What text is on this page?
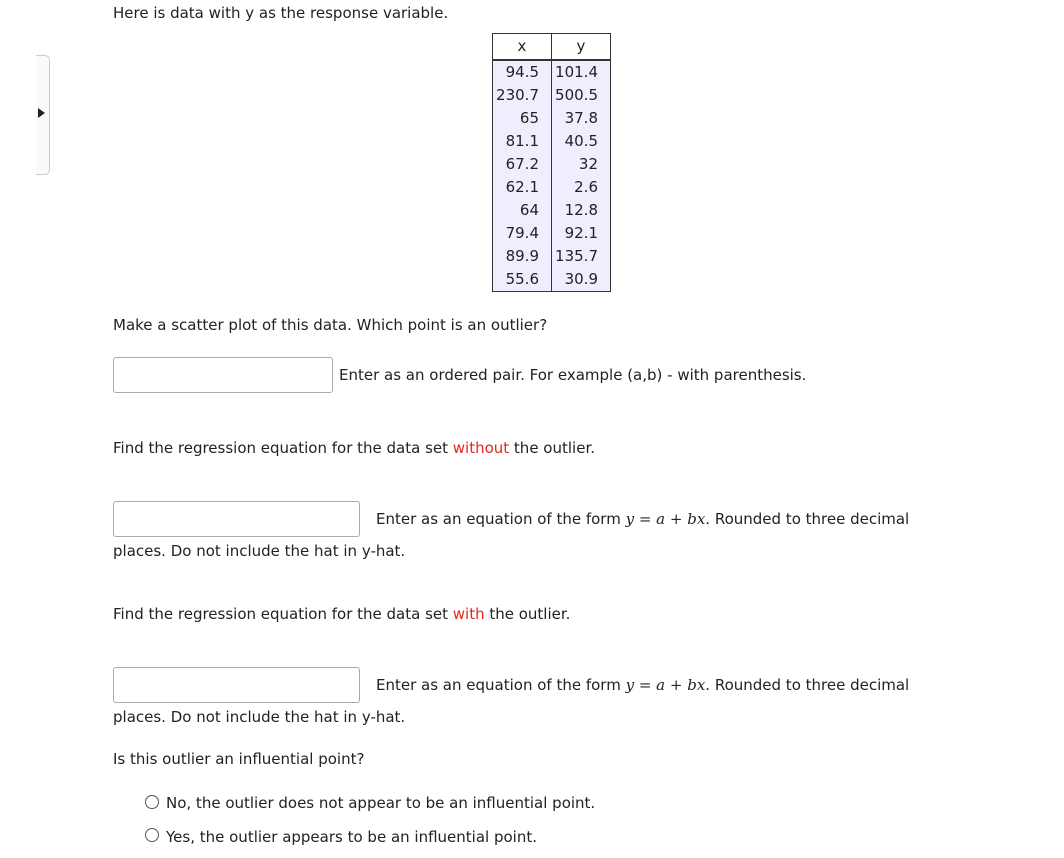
Here is data with y as the response variable.
x	y
94.5	101.4
230.7	500.5
65	37.8
81.1	40.5
67.2	32
62.1	2.6
64	12.8
79.4	92.1
89.9	135.7
55.6	30.9
Make a scatter plot of this data. Which point is an outlier?
Enter as an ordered pair. For example (a,b) - with parenthesis.
Find the regression equation for the data set without the outlier.
Enter as an equation of the form y = a + bx. Rounded to three decimal
places. Do not include the hat in y-hat.
Find the regression equation for the data set with the outlier.
Enter as an equation of the form y = a + bx. Rounded to three decimal
places. Do not include the hat in y-hat.
Is this outlier an influential point?
No, the outlier does not appear to be an influential point.
Yes, the outlier appears to be an influential point.
